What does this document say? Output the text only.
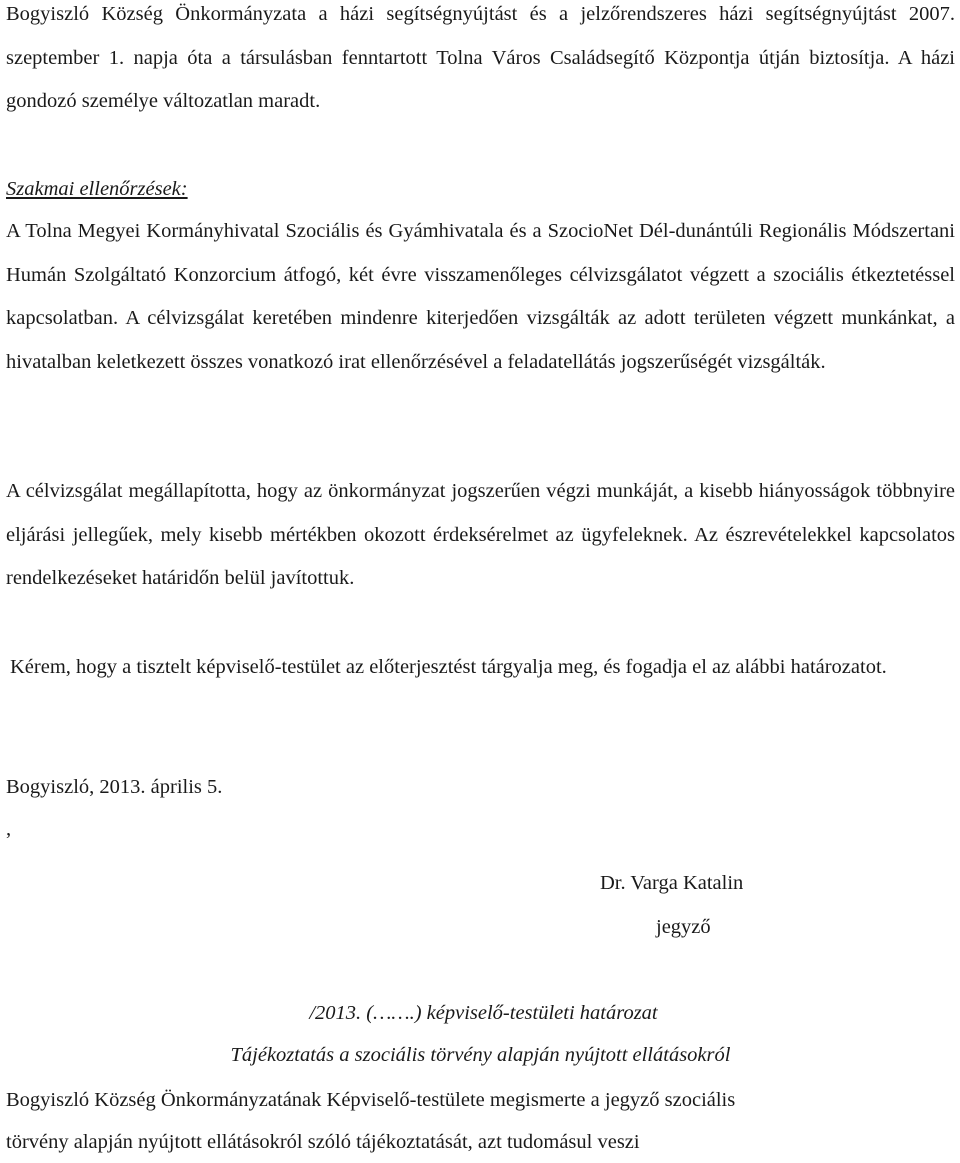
Bogyiszló Község Önkormányzata a házi segítségnyújtást és a jelzőrendszeres házi segítségnyújtást 2007. szeptember 1. napja óta a társulásban fenntartott Tolna Város Családsegítő Központja útján biztosítja. A házi gondozó személye változatlan maradt.

Szakmai ellenőrzések:

A Tolna Megyei Kormányhivatal Szociális és Gyámhivatala és a SzocioNet Dél-dunántúli Regionális Módszertani Humán Szolgáltató Konzorcium átfogó, két évre visszamenőleges célvizsgálatot végzett a szociális étkeztetéssel kapcsolatban. A célvizsgálat keretében mindenre kiterjedően vizsgálták az adott területen végzett munkánkat, a hivatalban keletkezett összes vonatkozó irat ellenőrzésével a feladatellátás jogszerűségét vizsgálták.

A célvizsgálat megállapította, hogy az önkormányzat jogszerűen végzi munkáját, a kisebb hiányosságok többnyire eljárási jellegűek, mely kisebb mértékben okozott érdeksérelmet az ügyfeleknek. Az észrevételekkel kapcsolatos rendelkezéseket határidőn belül javítottuk.

Kérem, hogy a tisztelt képviselő-testület az előterjesztést tárgyalja meg, és fogadja el az alábbi határozatot.

Bogyiszló, 2013. április 5.
,
Dr. Varga Katalin
jegyző
/2013. (…….) képviselő-testületi határozat
Tájékoztatás a szociális törvény alapján nyújtott ellátásokról
Bogyiszló Község Önkormányzatának Képviselő-testülete megismerte a jegyző szociális
törvény alapján nyújtott ellátásokról szóló tájékoztatását, azt tudomásul veszi
